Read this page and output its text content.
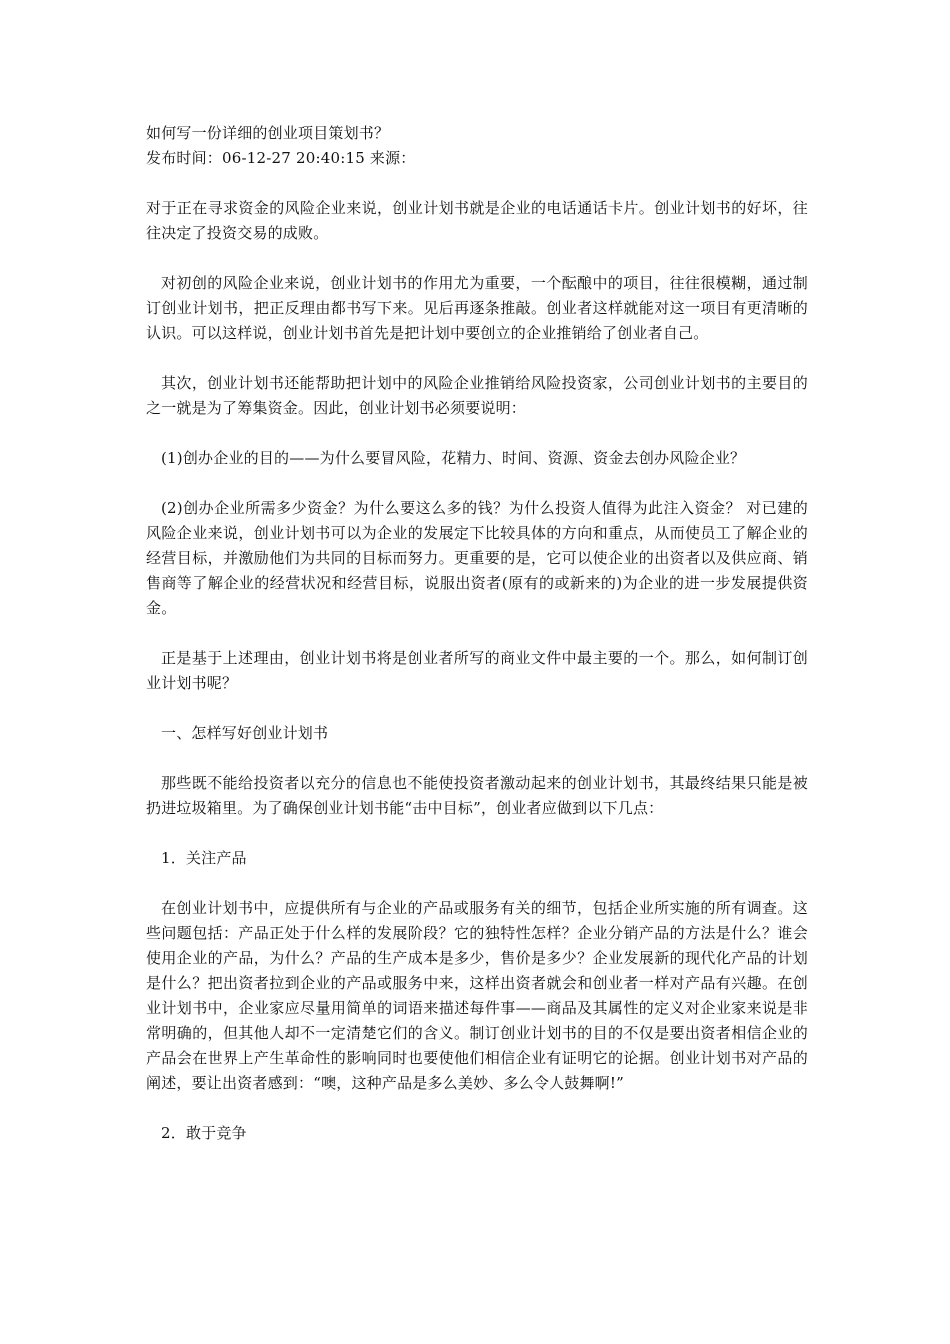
如何写一份详细的创业项目策划书？

发布时间：06-12-27 20:40:15 来源：

对于正在寻求资金的风险企业来说，创业计划书就是企业的电话通话卡片。创业计划书的好坏，往往决定了投资交易的成败。

对初创的风险企业来说，创业计划书的作用尤为重要，一个酝酿中的项目，往往很模糊，通过制订创业计划书，把正反理由都书写下来。见后再逐条推敲。创业者这样就能对这一项目有更清晰的认识。可以这样说，创业计划书首先是把计划中要创立的企业推销给了创业者自己。

其次，创业计划书还能帮助把计划中的风险企业推销给风险投资家，公司创业计划书的主要目的之一就是为了筹集资金。因此，创业计划书必须要说明：

(1)创办企业的目的——为什么要冒风险，花精力、时间、资源、资金去创办风险企业？

(2)创办企业所需多少资金？为什么要这么多的钱？为什么投资人值得为此注入资金？ 对已建的风险企业来说，创业计划书可以为企业的发展定下比较具体的方向和重点，从而使员工了解企业的经营目标，并激励他们为共同的目标而努力。更重要的是，它可以使企业的出资者以及供应商、销售商等了解企业的经营状况和经营目标，说服出资者(原有的或新来的)为企业的进一步发展提供资金。

正是基于上述理由，创业计划书将是创业者所写的商业文件中最主要的一个。那么，如何制订创业计划书呢？

一、怎样写好创业计划书

那些既不能给投资者以充分的信息也不能使投资者激动起来的创业计划书，其最终结果只能是被扔进垃圾箱里。为了确保创业计划书能“击中目标”，创业者应做到以下几点：

1．关注产品

在创业计划书中，应提供所有与企业的产品或服务有关的细节，包括企业所实施的所有调查。这些问题包括：产品正处于什么样的发展阶段？它的独特性怎样？企业分销产品的方法是什么？谁会使用企业的产品，为什么？产品的生产成本是多少，售价是多少？企业发展新的现代化产品的计划是什么？把出资者拉到企业的产品或服务中来，这样出资者就会和创业者一样对产品有兴趣。在创业计划书中，企业家应尽量用简单的词语来描述每件事——商品及其属性的定义对企业家来说是非常明确的，但其他人却不一定清楚它们的含义。制订创业计划书的目的不仅是要出资者相信企业的产品会在世界上产生革命性的影响同时也要使他们相信企业有证明它的论据。创业计划书对产品的阐述，要让出资者感到：“噢，这种产品是多么美妙、多么令人鼓舞啊!”

2．敢于竞争
